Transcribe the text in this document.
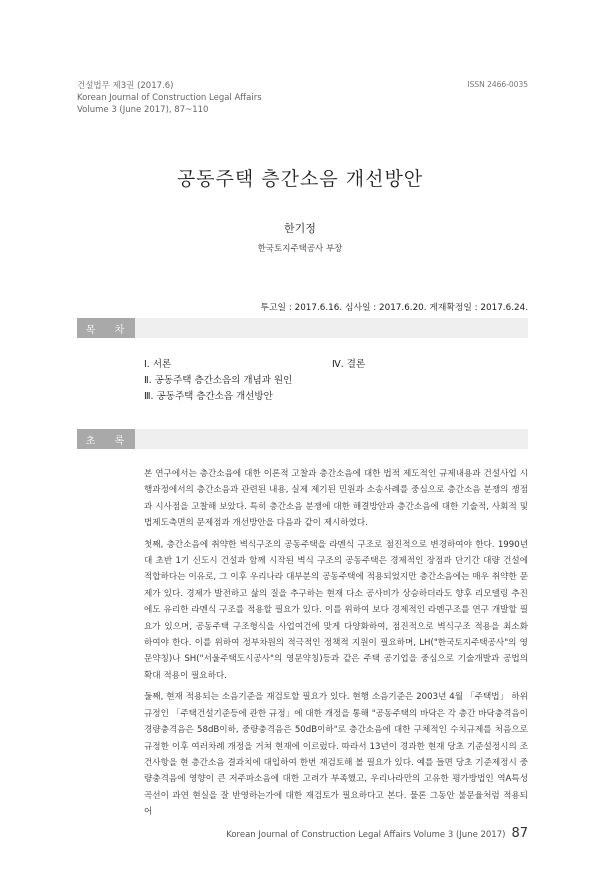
건설법무 제3권 (2017.6)
Korean Journal of Construction Legal Affairs
Volume 3 (June 2017), 87~110
ISSN 2466-0035
공동주택 층간소음 개선방안
한기정
한국토지주택공사 부장
투고일 : 2017.6.16. 심사일 : 2017.6.20. 게재확정일 : 2017.6.24.
목 차
Ⅰ. 서론
Ⅱ. 공동주택 층간소음의 개념과 원인
Ⅲ. 공동주택 층간소음 개선방안
Ⅳ. 결론
초 록

본 연구에서는 층간소음에 대한 이론적 고찰과 층간소음에 대한 법적 제도적인 규제내용과 건설사업 시행과정에서의 층간소음과 관련된 내용, 실제 제기된 민원과 소송사례를 중심으로 층간소음 분쟁의 쟁점과 시사점을 고찰해 보았다. 특히 층간소음 분쟁에 대한 해결방안과 층간소음에 대한 기술적, 사회적 및 법제도측면의 문제점과 개선방안을 다음과 같이 제시하였다.

첫째, 층간소음에 취약한 벽식구조의 공동주택을 라멘식 구조로 점진적으로 변경하여야 한다. 1990년대 초반 1기 신도시 건설과 함께 시작된 벽식 구조의 공동주택은 경제적인 장점과 단기간 대량 건설에 적합하다는 이유로, 그 이후 우리나라 대부분의 공동주택에 적용되었지만 층간소음에는 매우 취약한 문제가 있다. 경제가 발전하고 삶의 질을 추구하는 현재 다소 공사비가 상승하더라도 향후 리모델링 추진에도 유리한 라멘식 구조를 적용할 필요가 있다. 이를 위하여 보다 경제적인 라멘구조를 연구 개발할 필요가 있으며, 공동주택 구조형식을 사업여건에 맞게 다양화하여, 점진적으로 벽식구조 적용을 최소화 하여야 한다. 이를 위하여 정부차원의 적극적인 정책적 지원이 필요하며, LH("한국토지주택공사"의 영문약칭)나 SH("서울주택도시공사"의 영문약칭)등과 같은 주택 공기업을 중심으로 기술개발과 공법의 확대 적용이 필요하다.

둘째, 현재 적용되는 소음기준을 재검토할 필요가 있다. 현행 소음기준은 2003년 4월 「주택법」 하위 규정인 「주택건설기준등에 관한 규정」에 대한 개정을 통해 "공동주택의 바닥은 각 층간 바닥충격음이 경량충격음은 58dB이하, 중량충격음은 50dB이하"로 층간소음에 대한 구체적인 수치규제를 처음으로 규정한 이후 여러차례 개정을 거쳐 현재에 이르렀다. 따라서 13년이 경과한 현재 당초 기준설정시의 조건사항을 현 층간소음 결과치에 대입하여 한번 재검토해 볼 필요가 있다. 예를 들면 당초 기준제정시 중량충격음에 영향이 큰 저주파소음에 대한 고려가 부족했고, 우리나라만의 고유한 평가방법인 역A특성 곡선이 과연 현실을 잘 반영하는가에 대한 재검토가 필요하다고 본다. 물론 그동안 불문율처럼 적용되어

Korean Journal of Construction Legal Affairs Volume 3 (June 2017) 87
